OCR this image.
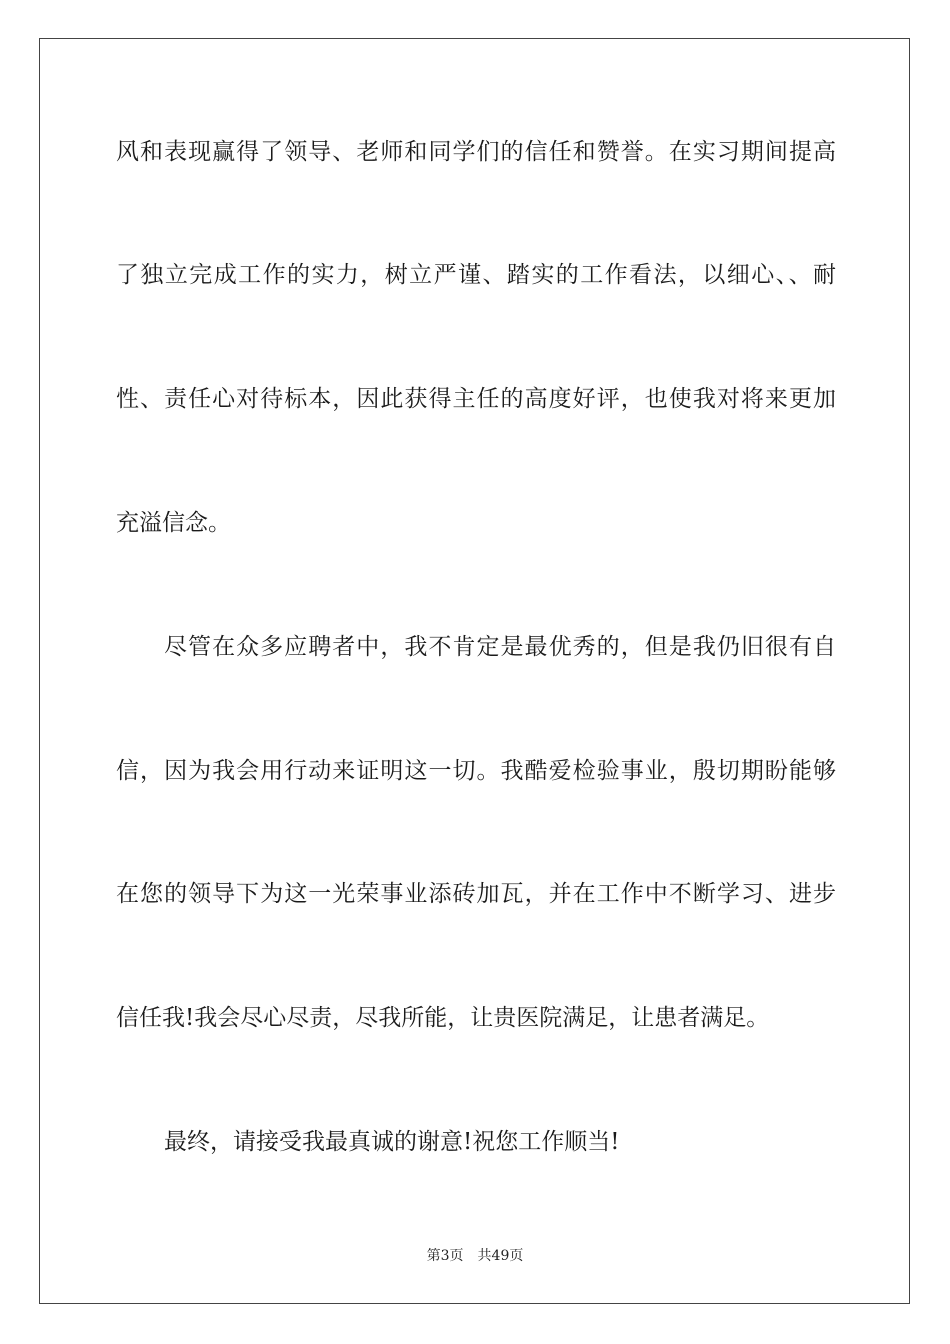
风和表现赢得了领导、老师和同学们的信任和赞誉。在实习期间提高
了独立完成工作的实力，树立严谨、踏实的工作看法，以细心、、耐
性、责任心对待标本，因此获得主任的高度好评，也使我对将来更加
充溢信念。
尽管在众多应聘者中，我不肯定是最优秀的，但是我仍旧很有自
信，因为我会用行动来证明这一切。我酷爱检验事业，殷切期盼能够
在您的领导下为这一光荣事业添砖加瓦，并在工作中不断学习、进步
信任我!我会尽心尽责，尽我所能，让贵医院满足，让患者满足。
最终，请接受我最真诚的谢意!祝您工作顺当!
第3页 共49页
